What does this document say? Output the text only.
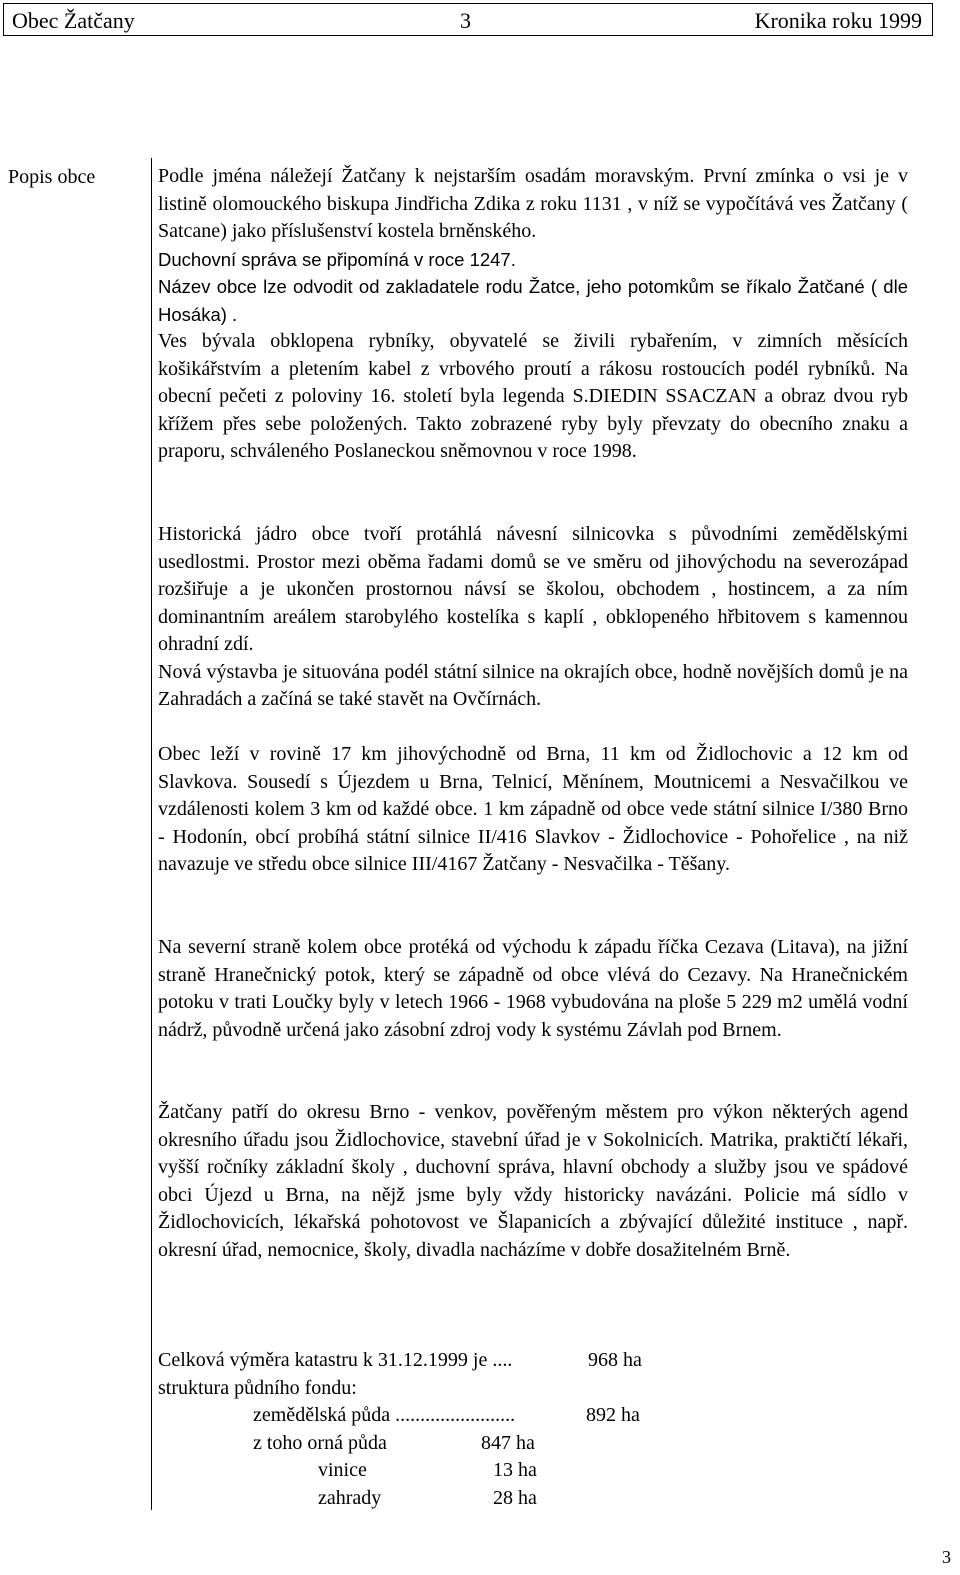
Obec Žatčany	3	Kronika roku 1999
Popis obce	Podle jména náležejí Žatčany k nejstarším osadám moravským. První zmínka o vsi je v listině olomouckého biskupa Jindřicha Zdika z roku 1131 , v níž se vypočítává ves Žatčany ( Satcane) jako příslušenství kostela brněnského.
Duchovní správa se připomíná v roce 1247.
Název obce lze odvodit od zakladatele rodu Žatce, jeho potomkům se říkalo Žatčané ( dle Hosáka) .
Ves bývala obklopena rybníky, obyvatelé se živili rybařením, v zimních měsících košikářstvím a pletením kabel z vrbového proutí a rákosu rostoucích podél rybníků. Na obecní pečeti z poloviny 16. století byla legenda S.DIEDIN SSACZAN a obraz dvou ryb křížem přes sebe položených. Takto zobrazené ryby byly převzaty do obecního znaku a praporu, schváleného Poslaneckou sněmovnou v roce 1998.
Historická jádro obce tvoří protáhlá návesní silnicovka s původními zemědělskými usedlostmi. Prostor mezi oběma řadami domů se ve směru od jihovýchodu na severozápad rozšiřuje a je ukončen prostornou návsí se školou, obchodem , hostincem, a za ním dominantním areálem starobylého kostelíka s kaplí , obklopeného hřbitovem s kamennou ohradní zdí.
Nová výstavba je situována podél státní silnice na okrajích obce, hodně novějších domů je na Zahradách a začíná se také stavět na Ovčírnách.
Obec leží v rovině 17 km jihovýchodně od Brna, 11 km od Židlochovic a 12 km od Slavkova. Sousedí s Újezdem u Brna, Telnicí, Měnínem, Moutnicemi a Nesvačilkou ve vzdálenosti kolem 3 km od každé obce. 1 km západně od obce vede státní silnice I/380 Brno - Hodonín, obcí probíhá státní silnice II/416 Slavkov - Židlochovice - Pohořelice , na niž navazuje ve středu obce silnice III/4167 Žatčany - Nesvačilka - Těšany.
Na severní straně kolem obce protéká od východu k západu říčka Cezava (Litava), na jižní straně Hranečnický potok, který se západně od obce vlévá do Cezavy. Na Hranečnickém potoku v trati Loučky byly v letech 1966 - 1968 vybudována na ploše 5 229 m2 umělá vodní nádrž, původně určená jako zásobní zdroj vody k systému Závlah pod Brnem.
Žatčany patří do okresu Brno - venkov, pověřeným městem pro výkon některých agend okresního úřadu jsou Židlochovice, stavební úřad je v Sokolnicích. Matrika, praktičtí lékaři, vyšší ročníky základní školy , duchovní správa, hlavní obchody a služby jsou ve spádové obci Újezd u Brna, na nějž jsme byly vždy historicky navázáni. Policie má sídlo v Židlochovicích, lékařská pohotovost ve Šlapanicích a zbývající důležité instituce , např. okresní úřad, nemocnice, školy, divadla nacházíme v dobře dosažitelném Brně.
Celková výměra katastru k 31.12.1999 je ....	968 ha
struktura půdního fondu:
zemědělská půda ........................	892 ha
z toho orná půda	847 ha
vinice	13 ha
zahrady	28 ha
3
